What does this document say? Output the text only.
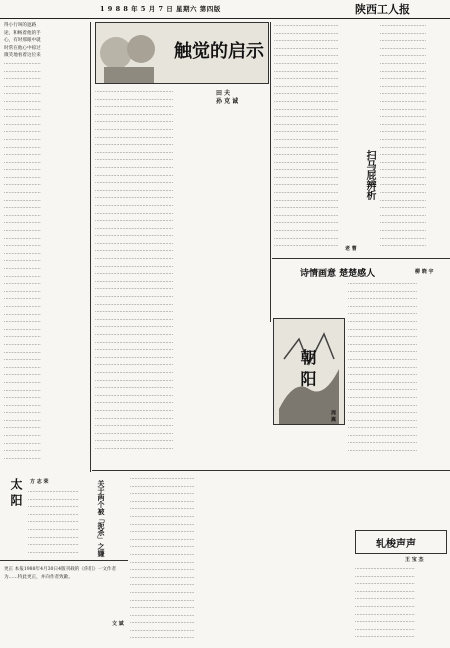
1 9 8 8 年 5 月 7 日 星期六 第四版	陕西工人报
得小行叫的遮路
途，和畅着他的手
心，有时那眼中就
时常在他心中掠过
微笑地看着这位来
……………………
……………………
……………………
……………………
……………………
……………………
……………………
……………………
……………………
……………………
……………………
……………………
……………………
……………………
……………………
……………………
……………………
……………………
……………………
……………………
……………………
……………………
……………………
……………………
……………………
……………………
……………………
……………………
……………………
……………………
……………………
……………………
……………………
……………………
……………………
……………………
……………………
……………………
……………………
……………………
……………………
……………………
……………………
……………………
……………………
……………………
……………………
……………………
……………………
……………………
……………………
……………………
……………………
触觉的启示
田 夫
孙 克 诚
……………………………………………
……………………………………………
……………………………………………
……………………………………………
……………………………………………
……………………………………………
……………………………………………
……………………………………………
……………………………………………
……………………………………………
……………………………………………
……………………………………………
……………………………………………
……………………………………………
……………………………………………
……………………………………………
……………………………………………
……………………………………………
……………………………………………
……………………………………………
……………………………………………
……………………………………………
……………………………………………
……………………………………………
……………………………………………
……………………………………………
……………………………………………
……………………………………………
……………………………………………
……………………………………………
……………………………………………
……………………………………………
……………………………………………
……………………………………………
……………………………………………
……………………………………………
……………………………………………
……………………………………………
……………………………………………
……………………………………………
……………………………………………
……………………………………………
……………………………………………
……………………………………………
……………………………………………
……………………………………………
……………………………………………
……………………………………………
扫马屁辨析
老 曹
……………………………………
……………………………………
……………………………………
……………………………………
……………………………………
……………………………………
……………………………………
……………………………………
……………………………………
……………………………………
……………………………………
……………………………………
……………………………………
……………………………………
……………………………………
……………………………………
……………………………………
……………………………………
……………………………………
……………………………………
……………………………………
……………………………………
……………………………………
……………………………………
……………………………………
……………………………………
……………………………………
……………………………………
……………………………………
……………………………………
…………………………
…………………………
…………………………
…………………………
…………………………
…………………………
…………………………
…………………………
…………………………
…………………………
…………………………
…………………………
…………………………
…………………………
…………………………
…………………………
…………………………
…………………………
…………………………
…………………………
…………………………
…………………………
…………………………
…………………………
…………………………
…………………………
…………………………
…………………………
…………………………
…………………………
朝 阳
周 嵩
诗情画意 楚楚感人	柳 晓 宇
………………………………………
………………………………………
………………………………………
………………………………………
………………………………………
………………………………………
………………………………………
………………………………………
………………………………………
………………………………………
………………………………………
………………………………………
………………………………………
………………………………………
………………………………………
………………………………………
………………………………………
………………………………………
………………………………………
………………………………………
………………………………………
………………………………………
………………………………………
关于两个被「扼杀」之嫌
文 斌
……………………………………
……………………………………
……………………………………
……………………………………
……………………………………
……………………………………
……………………………………
……………………………………
……………………………………
……………………………………
……………………………………
……………………………………
……………………………………
……………………………………
……………………………………
……………………………………
……………………………………
……………………………………
……………………………………
……………………………………
……………………………………
……………………………………
太 阳	方 志 荣
……………………………
……………………………
……………………………
……………………………
……………………………
……………………………
……………………………
……………………………
……………………………
更正 本报1988年4月30日4版刊载的《你们》一文作者为……特此更正，并向作者致歉。
轧梭声声
王 宝 杰
…………………………………
…………………………………
…………………………………
…………………………………
…………………………………
…………………………………
…………………………………
…………………………………
…………………………………
…………………………………
